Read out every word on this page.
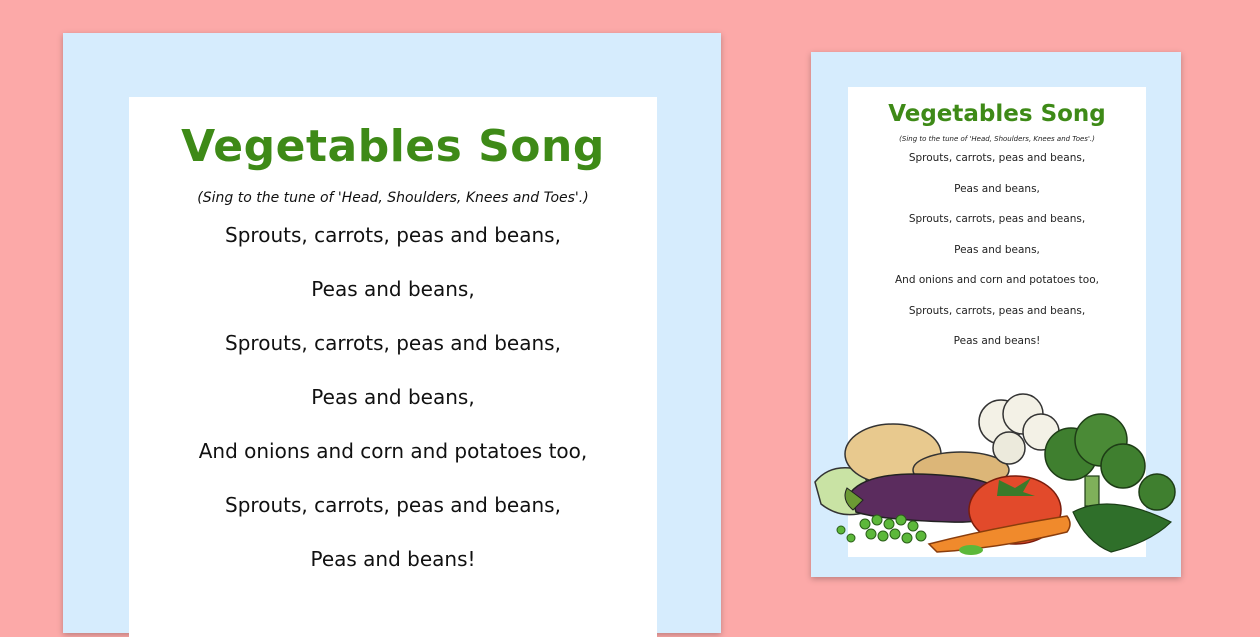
Vegetables Song
(Sing to the tune of 'Head, Shoulders, Knees and Toes'.)
Sprouts, carrots, peas and beans,
Peas and beans,
Sprouts, carrots, peas and beans,
Peas and beans,
And onions and corn and potatoes too,
Sprouts, carrots, peas and beans,
Peas and beans!
Vegetables Song
(Sing to the tune of 'Head, Shoulders, Knees and Toes'.)
Sprouts, carrots, peas and beans,
Peas and beans,
Sprouts, carrots, peas and beans,
Peas and beans,
And onions and corn and potatoes too,
Sprouts, carrots, peas and beans,
Peas and beans!
